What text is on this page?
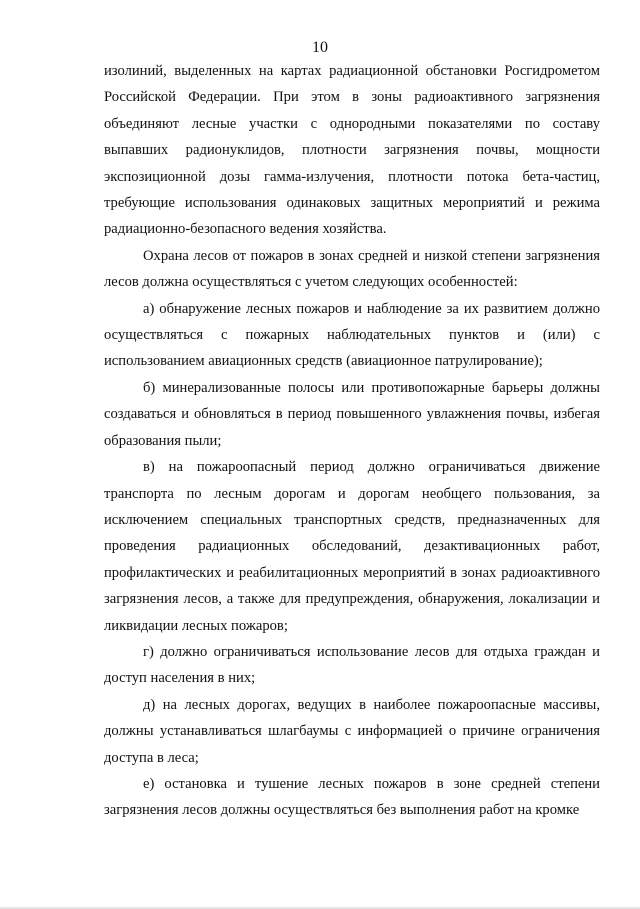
10

изолиний, выделенных на картах радиационной обстановки Росгидрометом Российской Федерации. При этом в зоны радиоактивного загрязнения объединяют лесные участки с однородными показателями по составу выпавших радионуклидов, плотности загрязнения почвы, мощности экспозиционной дозы гамма-излучения, плотности потока бета-частиц, требующие использования одинаковых защитных мероприятий и режима радиационно-безопасного ведения хозяйства.

Охрана лесов от пожаров в зонах средней и низкой степени загрязнения лесов должна осуществляться с учетом следующих особенностей:

а) обнаружение лесных пожаров и наблюдение за их развитием должно осуществляться с пожарных наблюдательных пунктов и (или) с использованием авиационных средств (авиационное патрулирование);

б) минерализованные полосы или противопожарные барьеры должны создаваться и обновляться в период повышенного увлажнения почвы, избегая образования пыли;

в) на пожароопасный период должно ограничиваться движение транспорта по лесным дорогам и дорогам необщего пользования, за исключением специальных транспортных средств, предназначенных для проведения радиационных обследований, дезактивационных работ, профилактических и реабилитационных мероприятий в зонах радиоактивного загрязнения лесов, а также для предупреждения, обнаружения, локализации и ликвидации лесных пожаров;

г) должно ограничиваться использование лесов для отдыха граждан и доступ населения в них;

д) на лесных дорогах, ведущих в наиболее пожароопасные массивы, должны устанавливаться шлагбаумы с информацией о причине ограничения доступа в леса;

е) остановка и тушение лесных пожаров в зоне средней степени загрязнения лесов должны осуществляться без выполнения работ на кромке
